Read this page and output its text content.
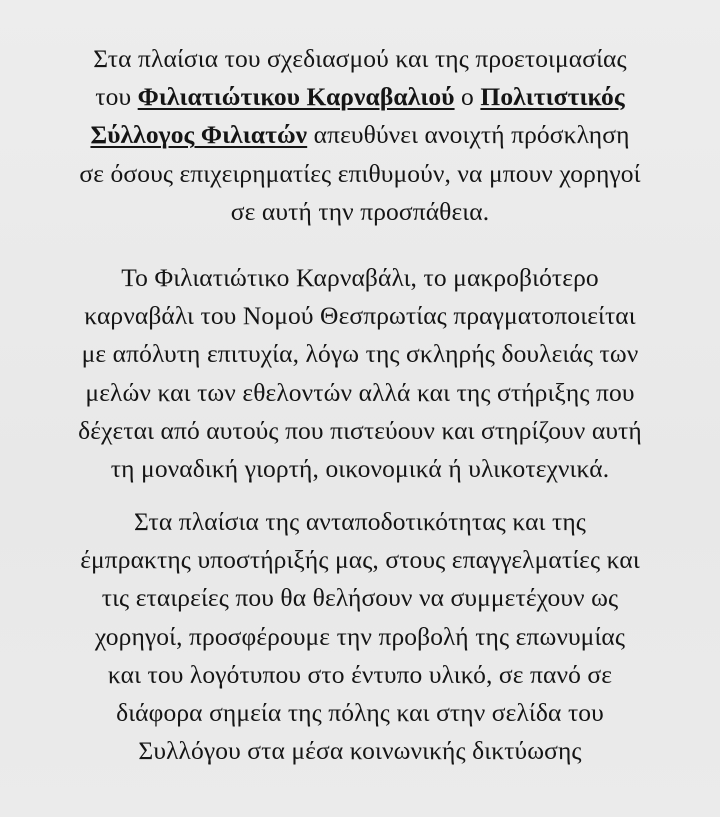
Στα πλαίσια του σχεδιασμού και της προετοιμασίας
του Φιλιατιώτικου Καρναβαλιού ο Πολιτιστικός
Σύλλογος Φιλιατών απευθύνει ανοιχτή πρόσκληση
σε όσους επιχειρηματίες επιθυμούν, να μπουν χορηγοί
σε αυτή την προσπάθεια.
Το Φιλιατιώτικο Καρναβάλι, το μακροβιότερο
καρναβάλι του Νομού Θεσπρωτίας πραγματοποιείται
με απόλυτη επιτυχία, λόγω της σκληρής δουλειάς των
μελών και των εθελοντών αλλά και της στήριξης που
δέχεται από αυτούς που πιστεύουν και στηρίζουν αυτή
τη μοναδική γιορτή, οικονομικά ή υλικοτεχνικά.
Στα πλαίσια της ανταποδοτικότητας και της
έμπρακτης υποστήριξής μας, στους επαγγελματίες και
τις εταιρείες που θα θελήσουν να συμμετέχουν ως
χορηγοί, προσφέρουμε την προβολή της επωνυμίας
και του λογότυπου στο έντυπο υλικό, σε πανό σε
διάφορα σημεία της πόλης και στην σελίδα του
Συλλόγου στα μέσα κοινωνικής δικτύωσης
